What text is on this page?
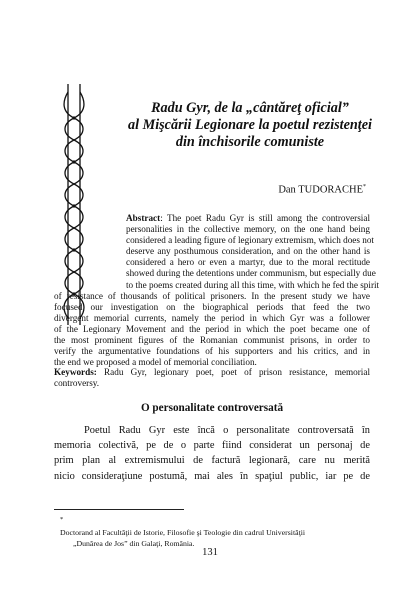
Radu Gyr, de la „cântăreţ oficial”
al Mişcării Legionare la poetul rezistenţei
din închisorile comuniste
Dan TUDORACHE*
Abstract: The poet Radu Gyr is still among the controversial
personalities in the collective memory, on the one hand being
considered a leading figure of legionary extremism, which does not
deserve any posthumous consideration, and on the other hand is
considered a hero or even a martyr, due to the moral rectitude
showed during the detentions under communism, but especially due
to the poems created during all this time, with which he fed the spirit
of resistance of thousands of political prisoners. In the present study we have
focused our investigation on the biographical periods that feed the two
divergent memorial currents, namely the period in which Gyr was a follower
of the Legionary Movement and the period in which the poet became one of
the most prominent figures of the Romanian communist prisons, in order to
verify the argumentative foundations of his supporters and his critics, and in
the end we proposed a model of memorial conciliation.
Keywords: Radu Gyr, legionary poet, poet of prison resistance, memorial
controversy.
O personalitate controversată
Poetul Radu Gyr este încă o personalitate controversată în
memoria colectivă, pe de o parte fiind considerat un personaj de
prim plan al extremismului de factură legionară, care nu merită
nicio consideraţiune postumă, mai ales în spaţiul public, iar pe de
*
Doctorand al Facultăţii de Istorie, Filosofie şi Teologie din cadrul Universităţii
„Dunărea de Jos” din Galaţi, România.
131
